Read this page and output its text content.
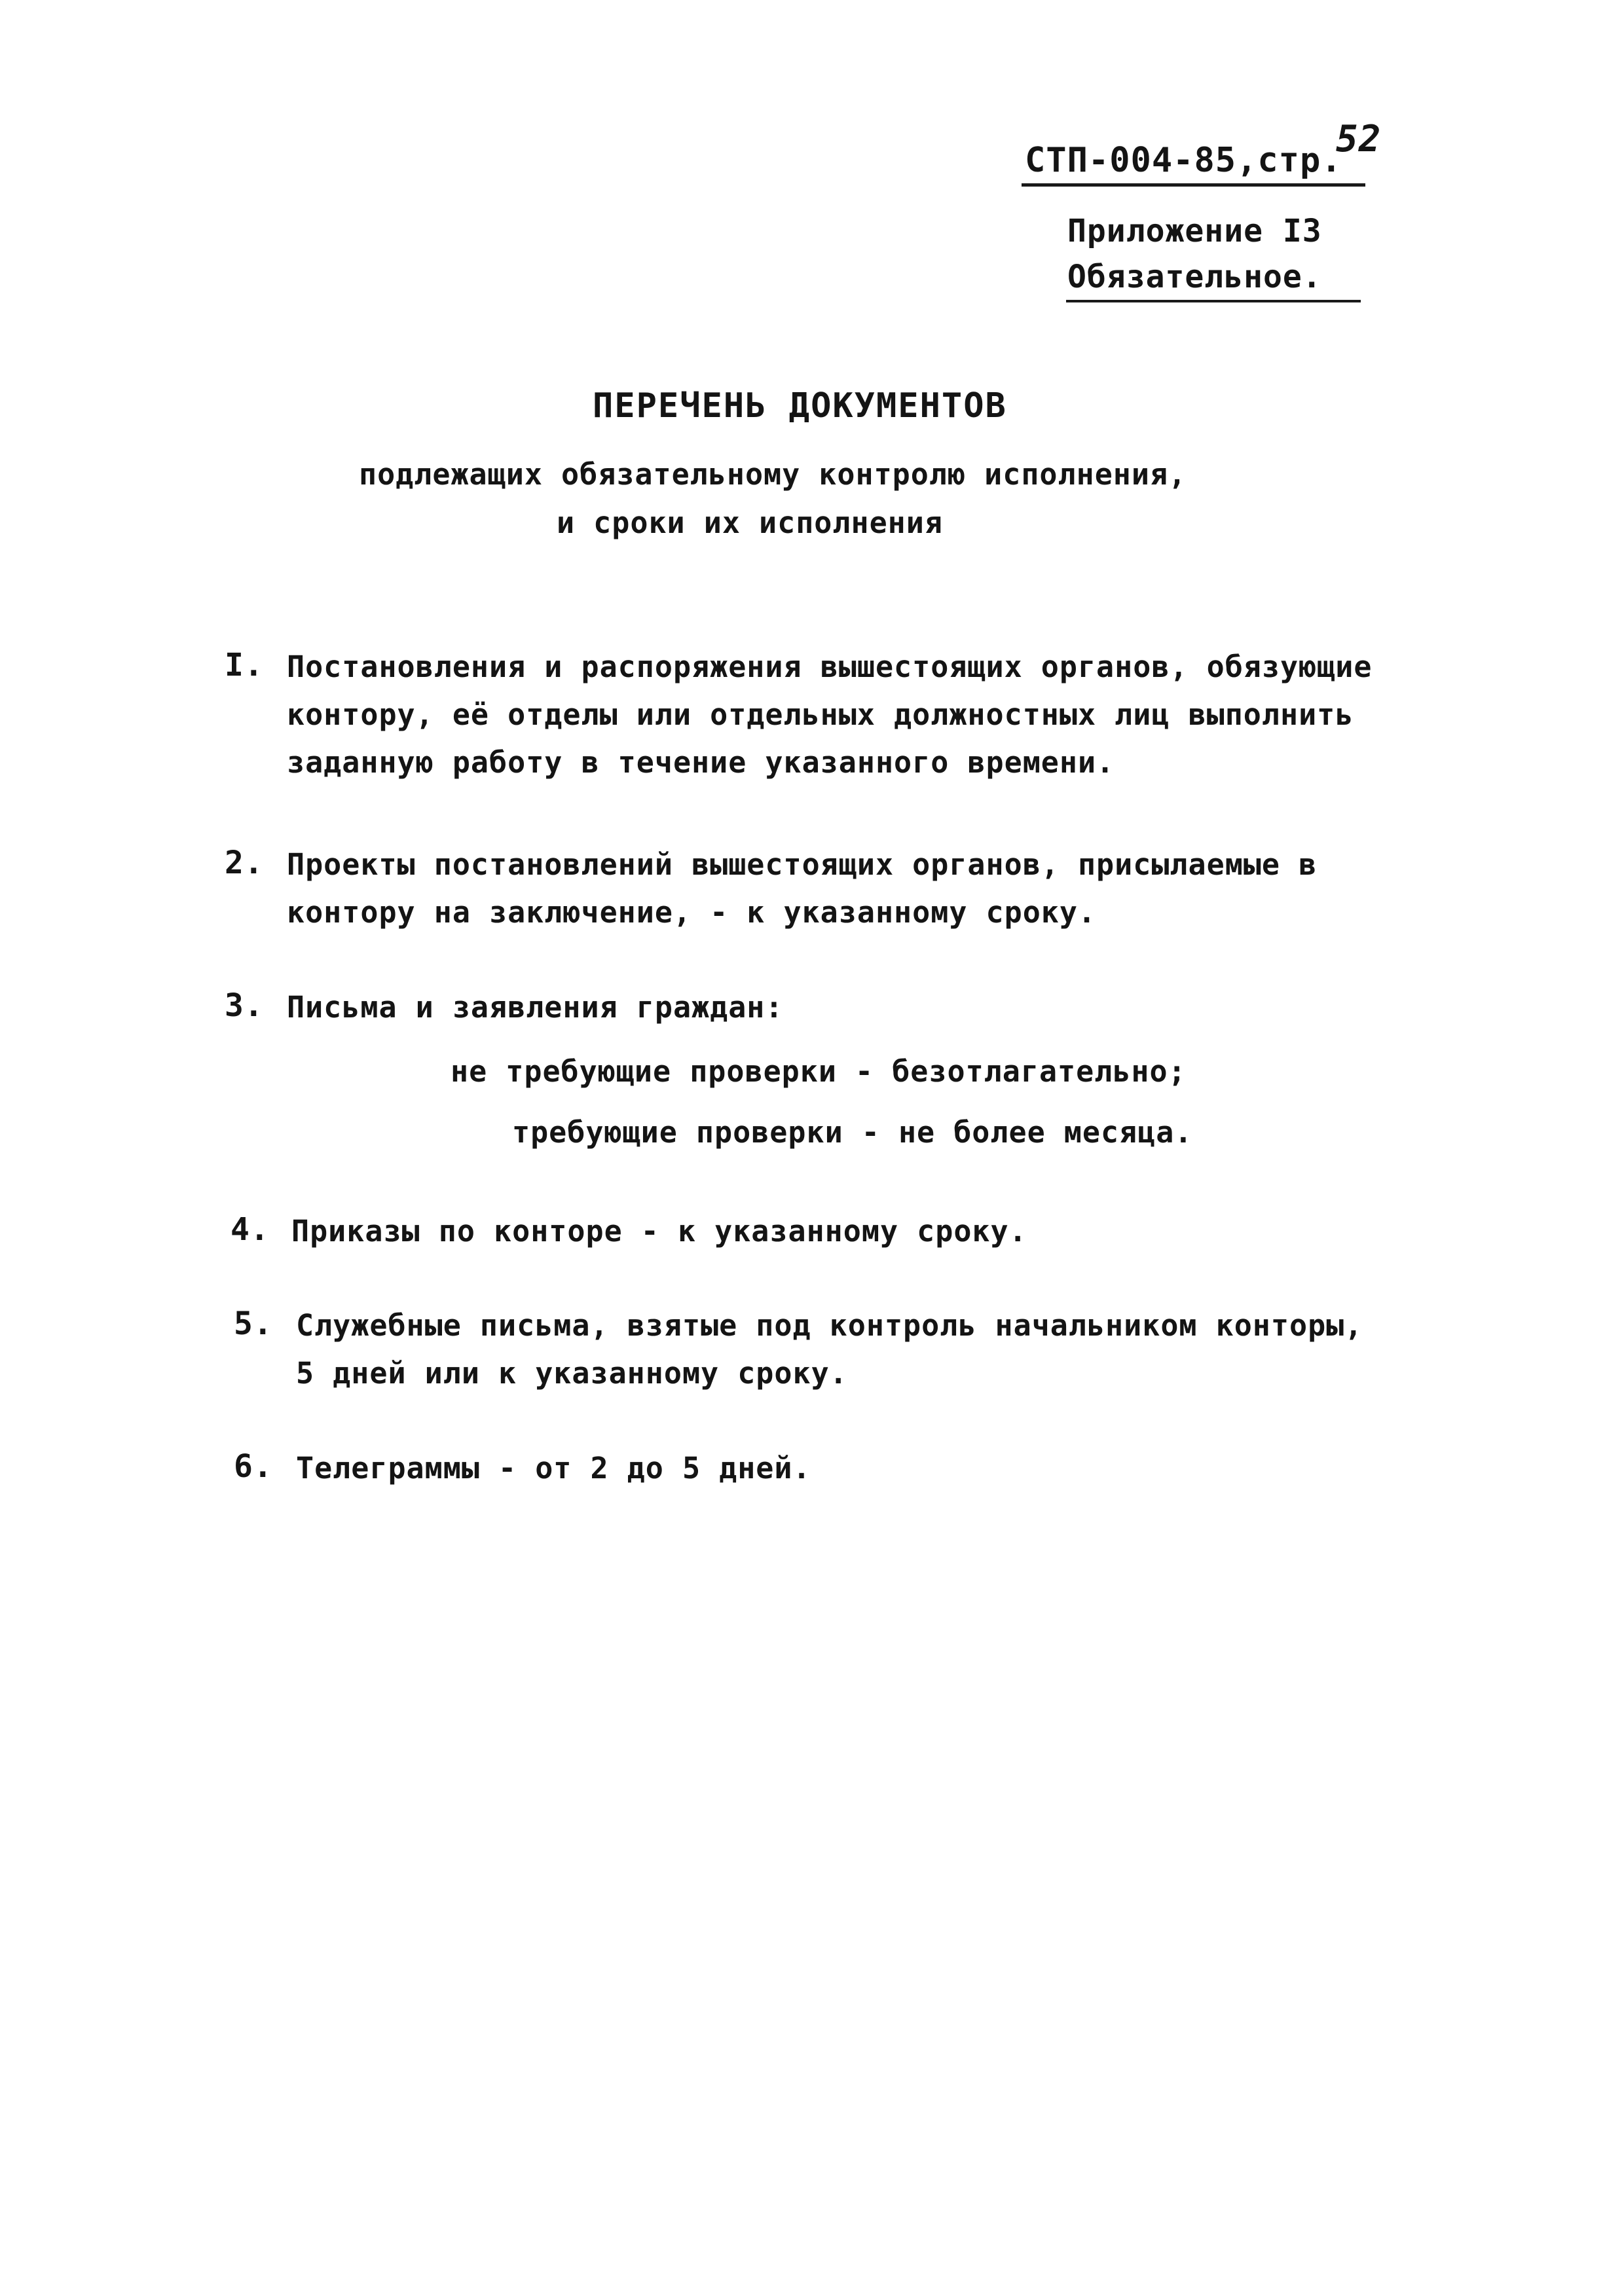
52
СТП-004-85,стр.
Приложение I3
Обязательное.
ПЕРЕЧЕНЬ ДОКУМЕНТОВ
подлежащих обязательному контролю исполнения,
и сроки их исполнения
I. Постановления и распоряжения вышестоящих органов, обязующие
контору, её отделы или отдельных должностных лиц выполнить
заданную работу в течение указанного времени.
2. Проекты постановлений вышестоящих органов, присылаемые в
контору на заключение, - к указанному сроку.
3. Письма и заявления граждан:
не требующие проверки - безотлагательно;
требующие проверки - не более месяца.
4. Приказы по конторе - к указанному сроку.
5. Служебные письма, взятые под контроль начальником конторы,
5 дней или к указанному сроку.
6. Телеграммы - от 2 до 5 дней.
